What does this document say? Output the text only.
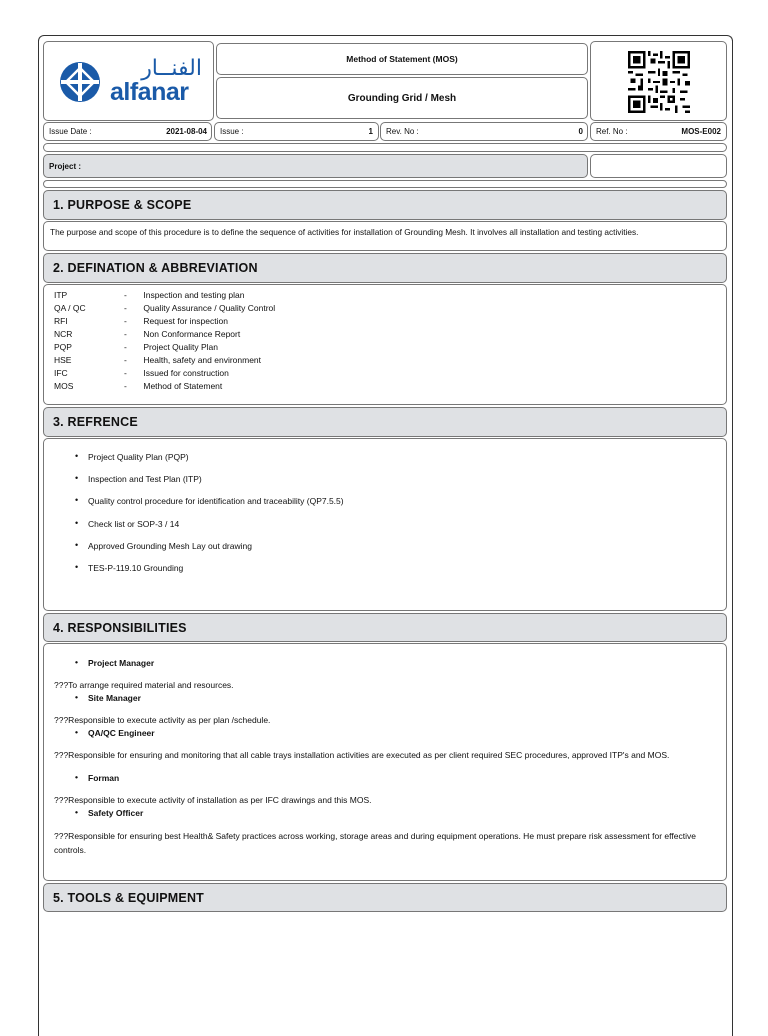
الفنــار
alfanar
Method of Statement (MOS)
Grounding Grid / Mesh
Issue Date :	2021-08-04 Issue :	1 Rev. No :	0 Ref. No :	MOS-E002
Project :
1. PURPOSE & SCOPE
The purpose and scope of this procedure is to define the sequence of activities for installation of Grounding Mesh. It involves all installation and testing activities.
2. DEFINATION & ABBREVIATION
ITP	-       Inspection and testing plan
QA / QC	-       Quality Assurance / Quality Control
RFI	-       Request for inspection
NCR	-       Non Conformance Report
PQP	-       Project Quality Plan
HSE	-       Health, safety and environment
IFC	-       Issued for construction
MOS	-       Method of Statement
3. REFRENCE
• Project Quality Plan (PQP)
• Inspection and Test Plan (ITP)
• Quality control procedure for identification and traceability (QP7.5.5)
• Check list or SOP-3 / 14
• Approved Grounding Mesh Lay out drawing
• TES-P-119.10 Grounding
4. RESPONSIBILITIES
• Project Manager
???To arrange required material and resources.
• Site Manager
???Responsible to execute activity as per plan /schedule.
• QA/QC Engineer
???Responsible for ensuring and monitoring that all cable trays installation activities are executed as per client required SEC procedures, approved ITP's and MOS.
• Forman
???Responsible to execute activity of installation as per IFC drawings and this MOS.
• Safety Officer
???Responsible for ensuring best Health& Safety practices across working, storage areas and during equipment operations. He must prepare risk assessment for effective controls.
5. TOOLS & EQUIPMENT
